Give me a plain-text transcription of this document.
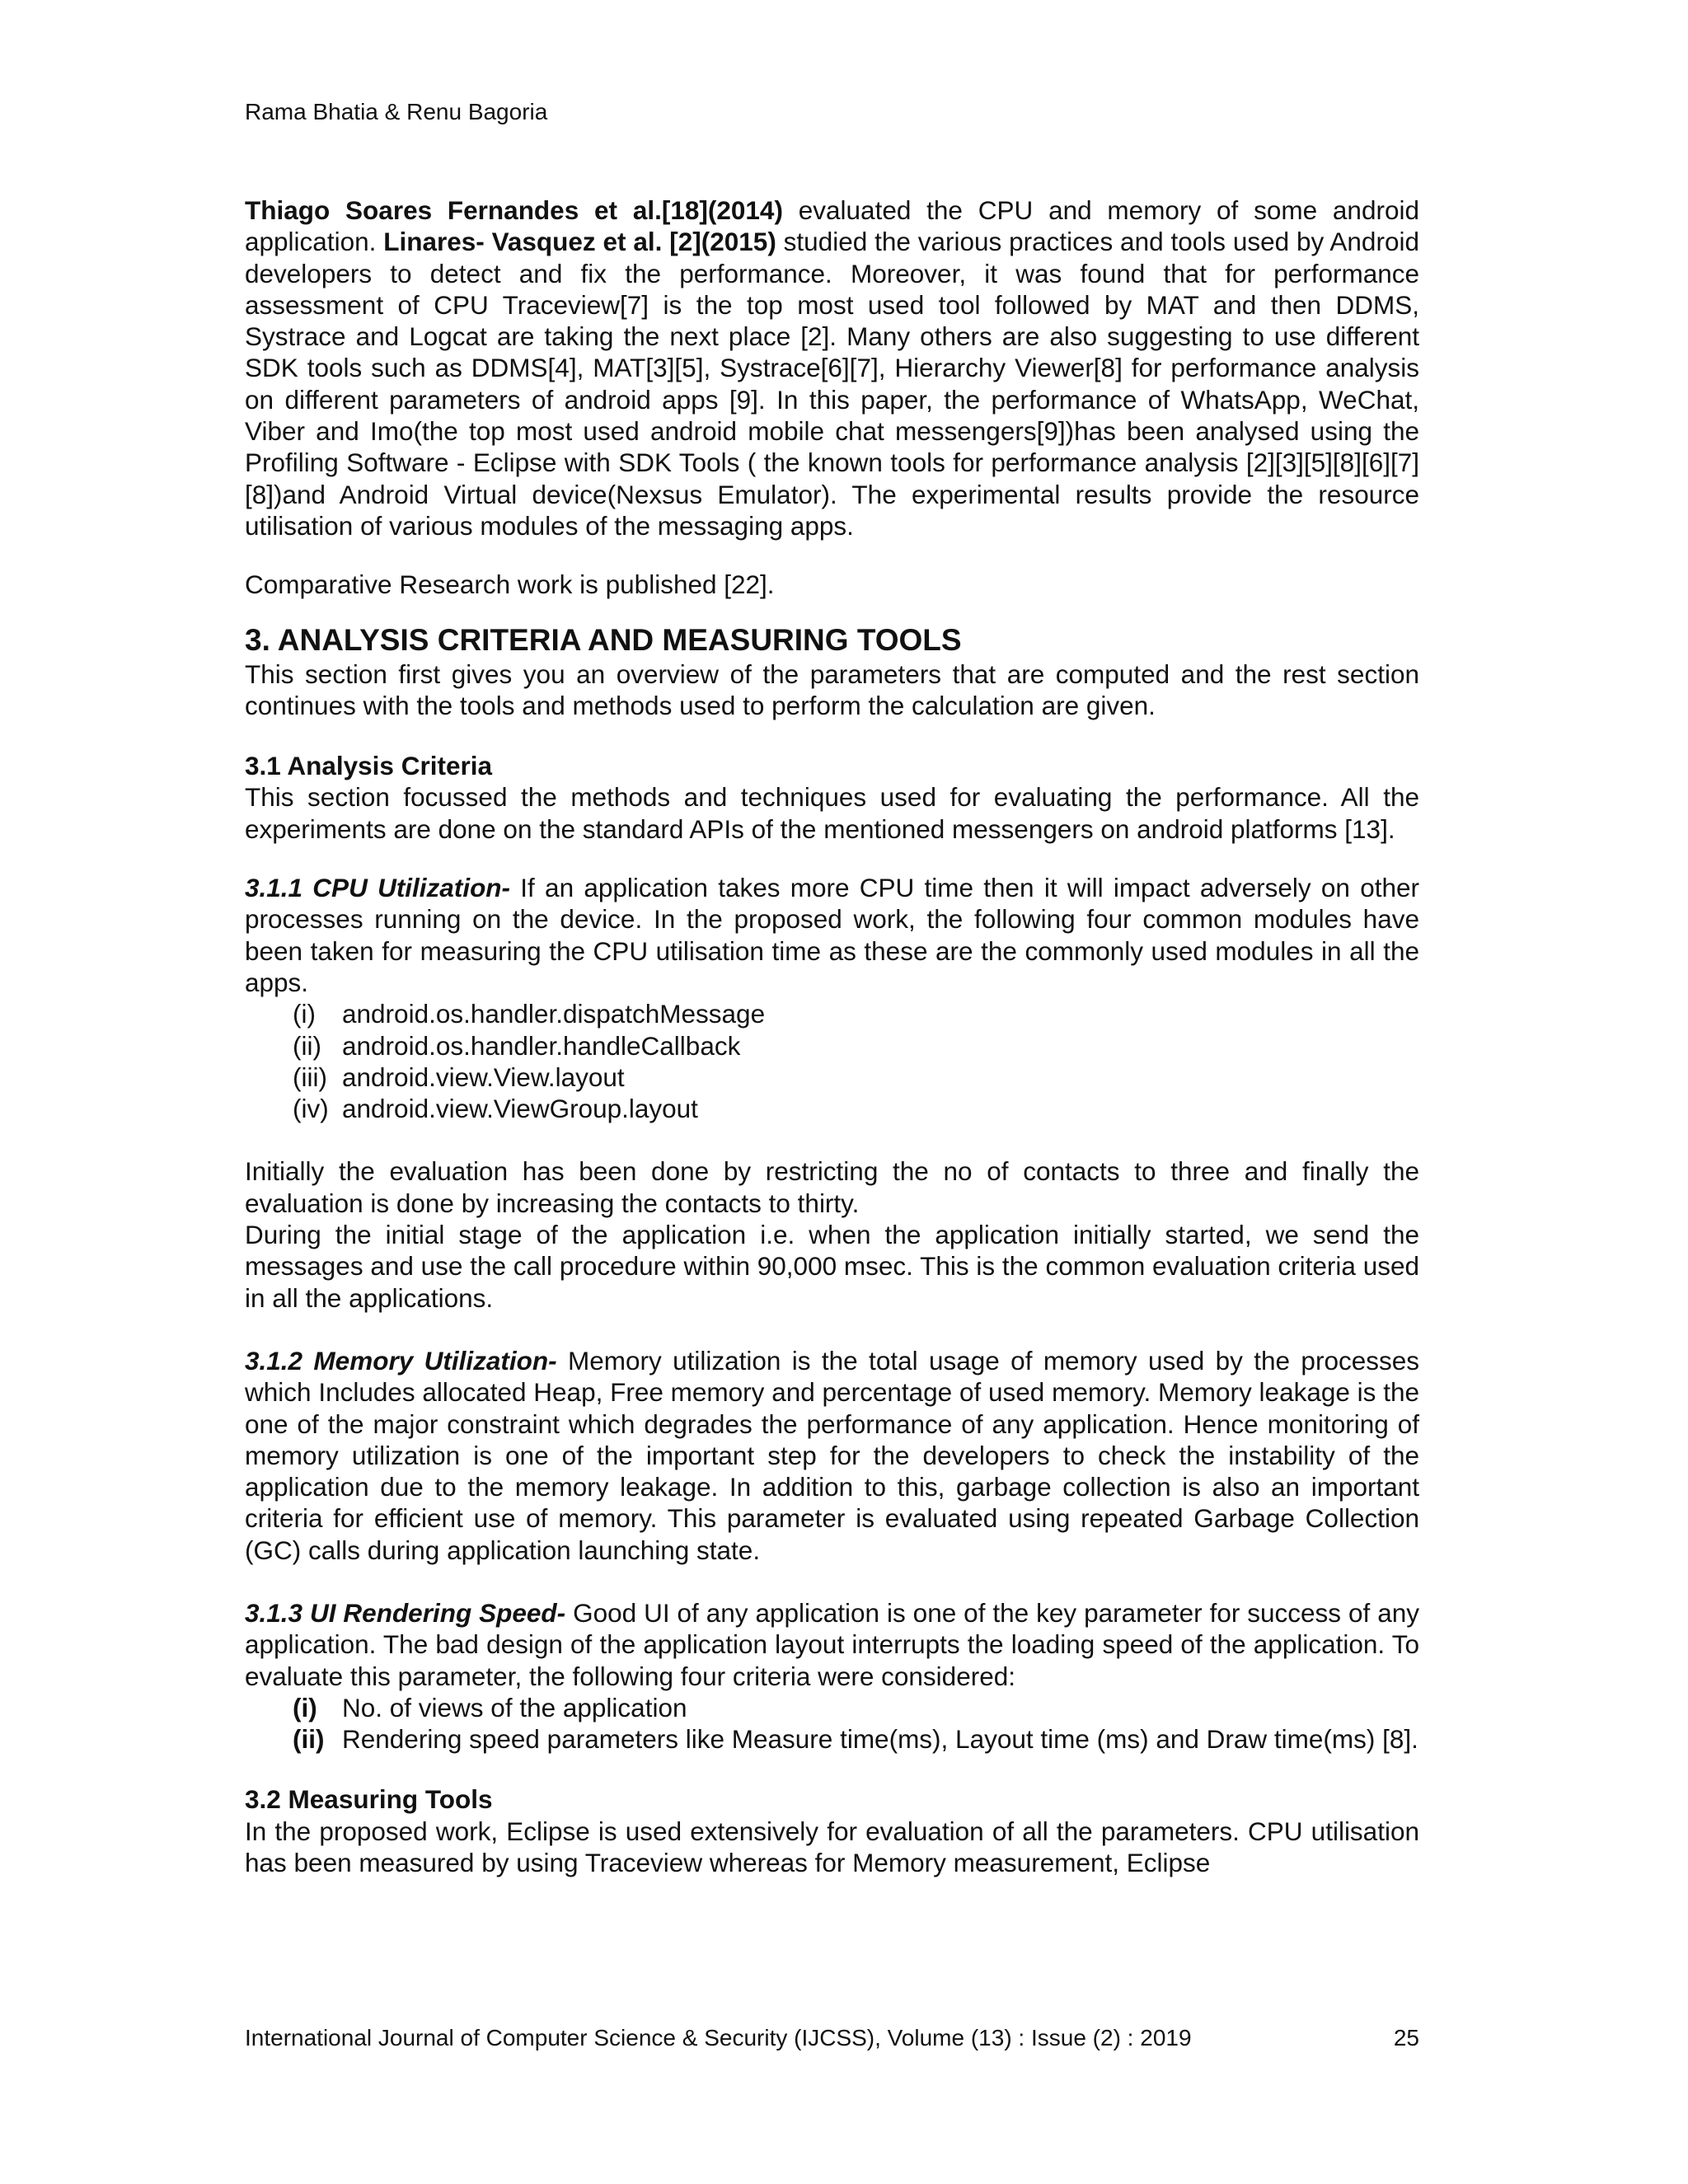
Rama Bhatia & Renu Bagoria

Thiago Soares Fernandes et al.[18](2014) evaluated the CPU and memory of some android application. Linares- Vasquez et al. [2](2015) studied the various practices and tools used by Android developers to detect and fix the performance. Moreover, it was found that for performance assessment of CPU Traceview[7] is the top most used tool followed by MAT and then DDMS, Systrace and Logcat are taking the next place [2]. Many others are also suggesting to use different SDK tools such as DDMS[4], MAT[3][5], Systrace[6][7], Hierarchy Viewer[8] for performance analysis on different parameters of android apps [9]. In this paper, the performance of WhatsApp, WeChat, Viber and Imo(the top most used android mobile chat messengers[9])has been analysed using the Profiling Software - Eclipse with SDK Tools ( the known tools for performance analysis [2][3][5][8][6][7][8])and Android Virtual device(Nexsus Emulator). The experimental results provide the resource utilisation of various modules of the messaging apps.

Comparative Research work is published [22].

3. ANALYSIS CRITERIA AND MEASURING TOOLS

This section first gives you an overview of the parameters that are computed and the rest section continues with the tools and methods used to perform the calculation are given.

3.1 Analysis Criteria

This section focussed the methods and techniques used for evaluating the performance. All the experiments are done on the standard APIs of the mentioned messengers on android platforms [13].

3.1.1 CPU Utilization- If an application takes more CPU time then it will impact adversely on other processes running on the device. In the proposed work, the following four common modules have been taken for measuring the CPU utilisation time as these are the commonly used modules in all the apps.

(i)	android.os.handler.dispatchMessage
(ii) android.os.handler.handleCallback
(iii) android.view.View.layout
(iv) android.view.ViewGroup.layout

Initially the evaluation has been done by restricting the no of contacts to three and finally the evaluation is done by increasing the contacts to thirty.

During the initial stage of the application i.e. when the application initially started, we send the messages and use the call procedure within 90,000 msec. This is the common evaluation criteria used in all the applications.

3.1.2 Memory Utilization- Memory utilization is the total usage of memory used by the processes which Includes allocated Heap, Free memory and percentage of used memory. Memory leakage is the one of the major constraint which degrades the performance of any application. Hence monitoring of memory utilization is one of the important step for the developers to check the instability of the application due to the memory leakage. In addition to this, garbage collection is also an important criteria for efficient use of memory. This parameter is evaluated using repeated Garbage Collection (GC) calls during application launching state.

3.1.3 UI Rendering Speed- Good UI of any application is one of the key parameter for success of any application. The bad design of the application layout interrupts the loading speed of the application. To evaluate this parameter, the following four criteria were considered:

(i) No. of views of the application
(ii) Rendering speed parameters like Measure time(ms), Layout time (ms) and Draw time(ms) [8].
3.2 Measuring Tools

In the proposed work, Eclipse is used extensively for evaluation of all the parameters. CPU utilisation has been measured by using Traceview whereas for Memory measurement, Eclipse

International Journal of Computer Science & Security (IJCSS), Volume (13) : Issue (2) : 2019	25
